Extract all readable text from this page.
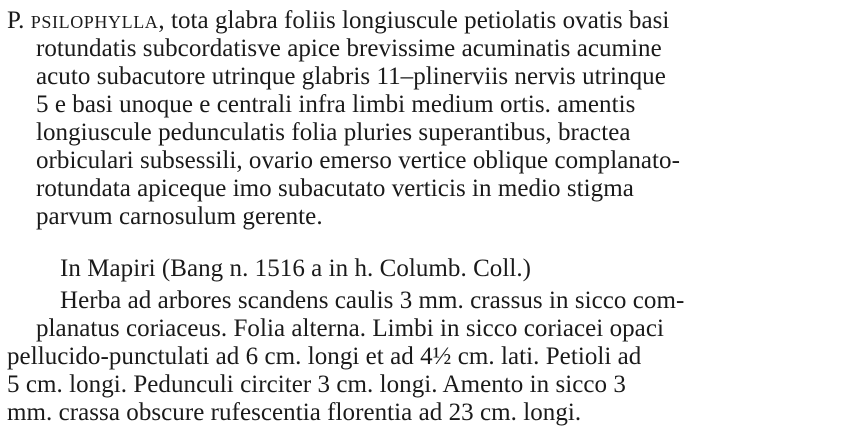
P. psilophylla, tota glabra foliis longiuscule petiolatis ovatis basi
rotundatis subcordatisve apice brevissime acuminatis acumine
acuto subacutore utrinque glabris 11–plinerviis nervis utrinque
5 e basi unoque e centrali infra limbi medium ortis. amentis
longiuscule pedunculatis folia pluries superantibus, bractea
orbiculari subsessili, ovario emerso vertice oblique complanato-
rotundata apiceque imo subacutato verticis in medio stigma
parvum carnosulum gerente.
In Mapiri (Bang n. 1516 a in h. Columb. Coll.)
Herba ad arbores scandens caulis 3 mm. crassus in sicco com-
planatus coriaceus. Folia alterna. Limbi in sicco coriacei opaci
pellucido-punctulati ad 6 cm. longi et ad 4½ cm. lati. Petioli ad
5 cm. longi. Pedunculi circiter 3 cm. longi. Amento in sicco 3
mm. crassa obscure rufescentia florentia ad 23 cm. longi.
